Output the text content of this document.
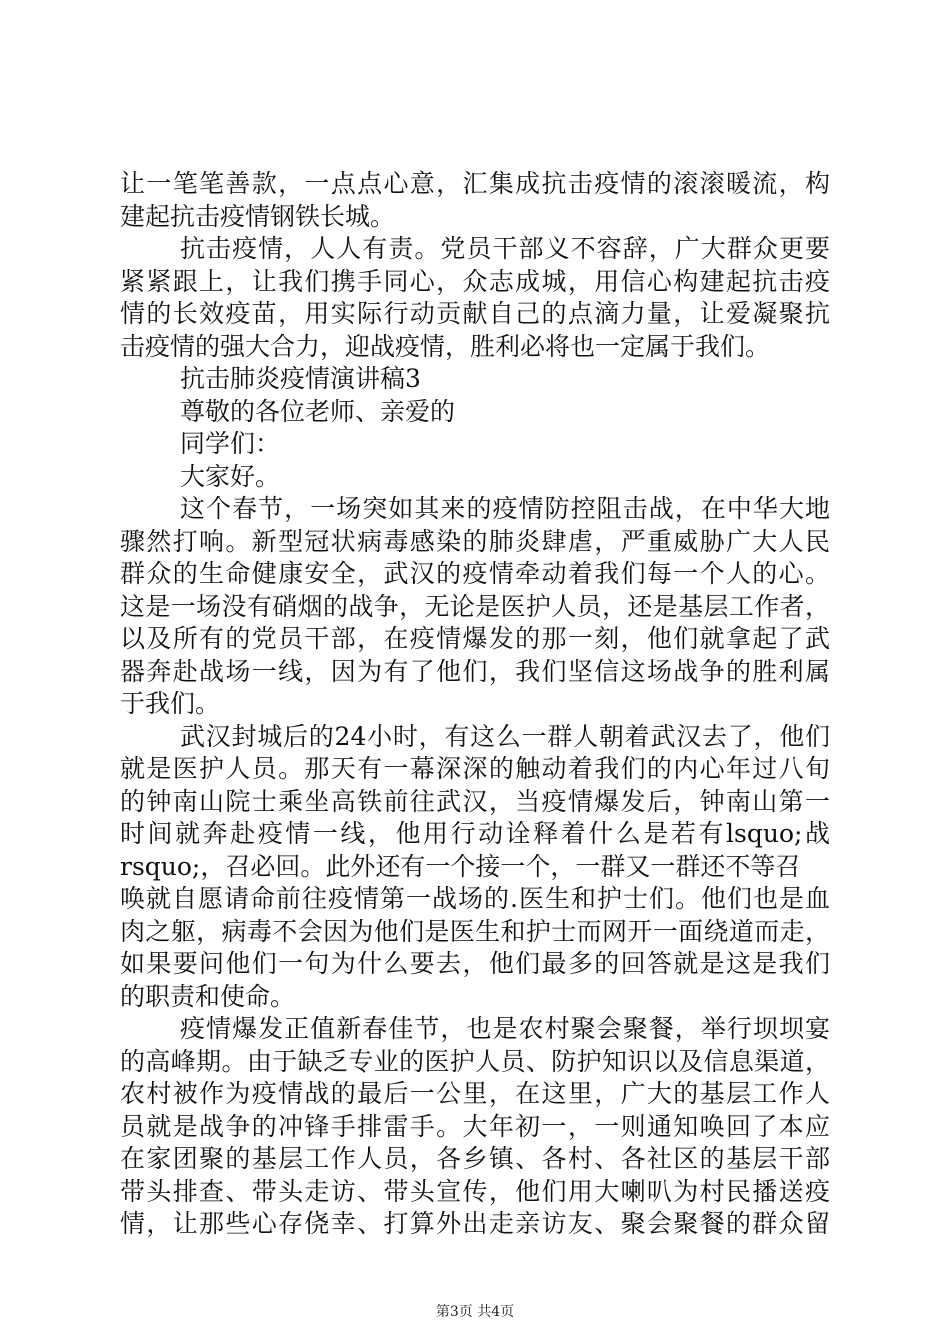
让一笔笔善款，一点点心意，汇集成抗击疫情的滚滚暖流，构
建起抗击疫情钢铁长城。
抗击疫情，人人有责。党员干部义不容辞，广大群众更要
紧紧跟上，让我们携手同心，众志成城，用信心构建起抗击疫
情的长效疫苗，用实际行动贡献自己的点滴力量，让爱凝聚抗
击疫情的强大合力，迎战疫情，胜利必将也一定属于我们。
抗击肺炎疫情演讲稿3
尊敬的各位老师、亲爱的
同学们：
大家好。
这个春节，一场突如其来的疫情防控阻击战，在中华大地
骤然打响。新型冠状病毒感染的肺炎肆虐，严重威胁广大人民
群众的生命健康安全，武汉的疫情牵动着我们每一个人的心。
这是一场没有硝烟的战争，无论是医护人员，还是基层工作者，
以及所有的党员干部，在疫情爆发的那一刻，他们就拿起了武
器奔赴战场一线，因为有了他们，我们坚信这场战争的胜利属
于我们。
武汉封城后的24小时，有这么一群人朝着武汉去了，他们
就是医护人员。那天有一幕深深的触动着我们的内心年过八旬
的钟南山院士乘坐高铁前往武汉，当疫情爆发后，钟南山第一
时间就奔赴疫情一线，他用行动诠释着什么是若有lsquo;战
rsquo;，召必回。此外还有一个接一个，一群又一群还不等召
唤就自愿请命前往疫情第一战场的.医生和护士们。他们也是血
肉之躯，病毒不会因为他们是医生和护士而网开一面绕道而走，
如果要问他们一句为什么要去，他们最多的回答就是这是我们
的职责和使命。
疫情爆发正值新春佳节，也是农村聚会聚餐，举行坝坝宴
的高峰期。由于缺乏专业的医护人员、防护知识以及信息渠道，
农村被作为疫情战的最后一公里，在这里，广大的基层工作人
员就是战争的冲锋手排雷手。大年初一，一则通知唤回了本应
在家团聚的基层工作人员，各乡镇、各村、各社区的基层干部
带头排查、带头走访、带头宣传，他们用大喇叭为村民播送疫
情，让那些心存侥幸、打算外出走亲访友、聚会聚餐的群众留
第3页 共4页
